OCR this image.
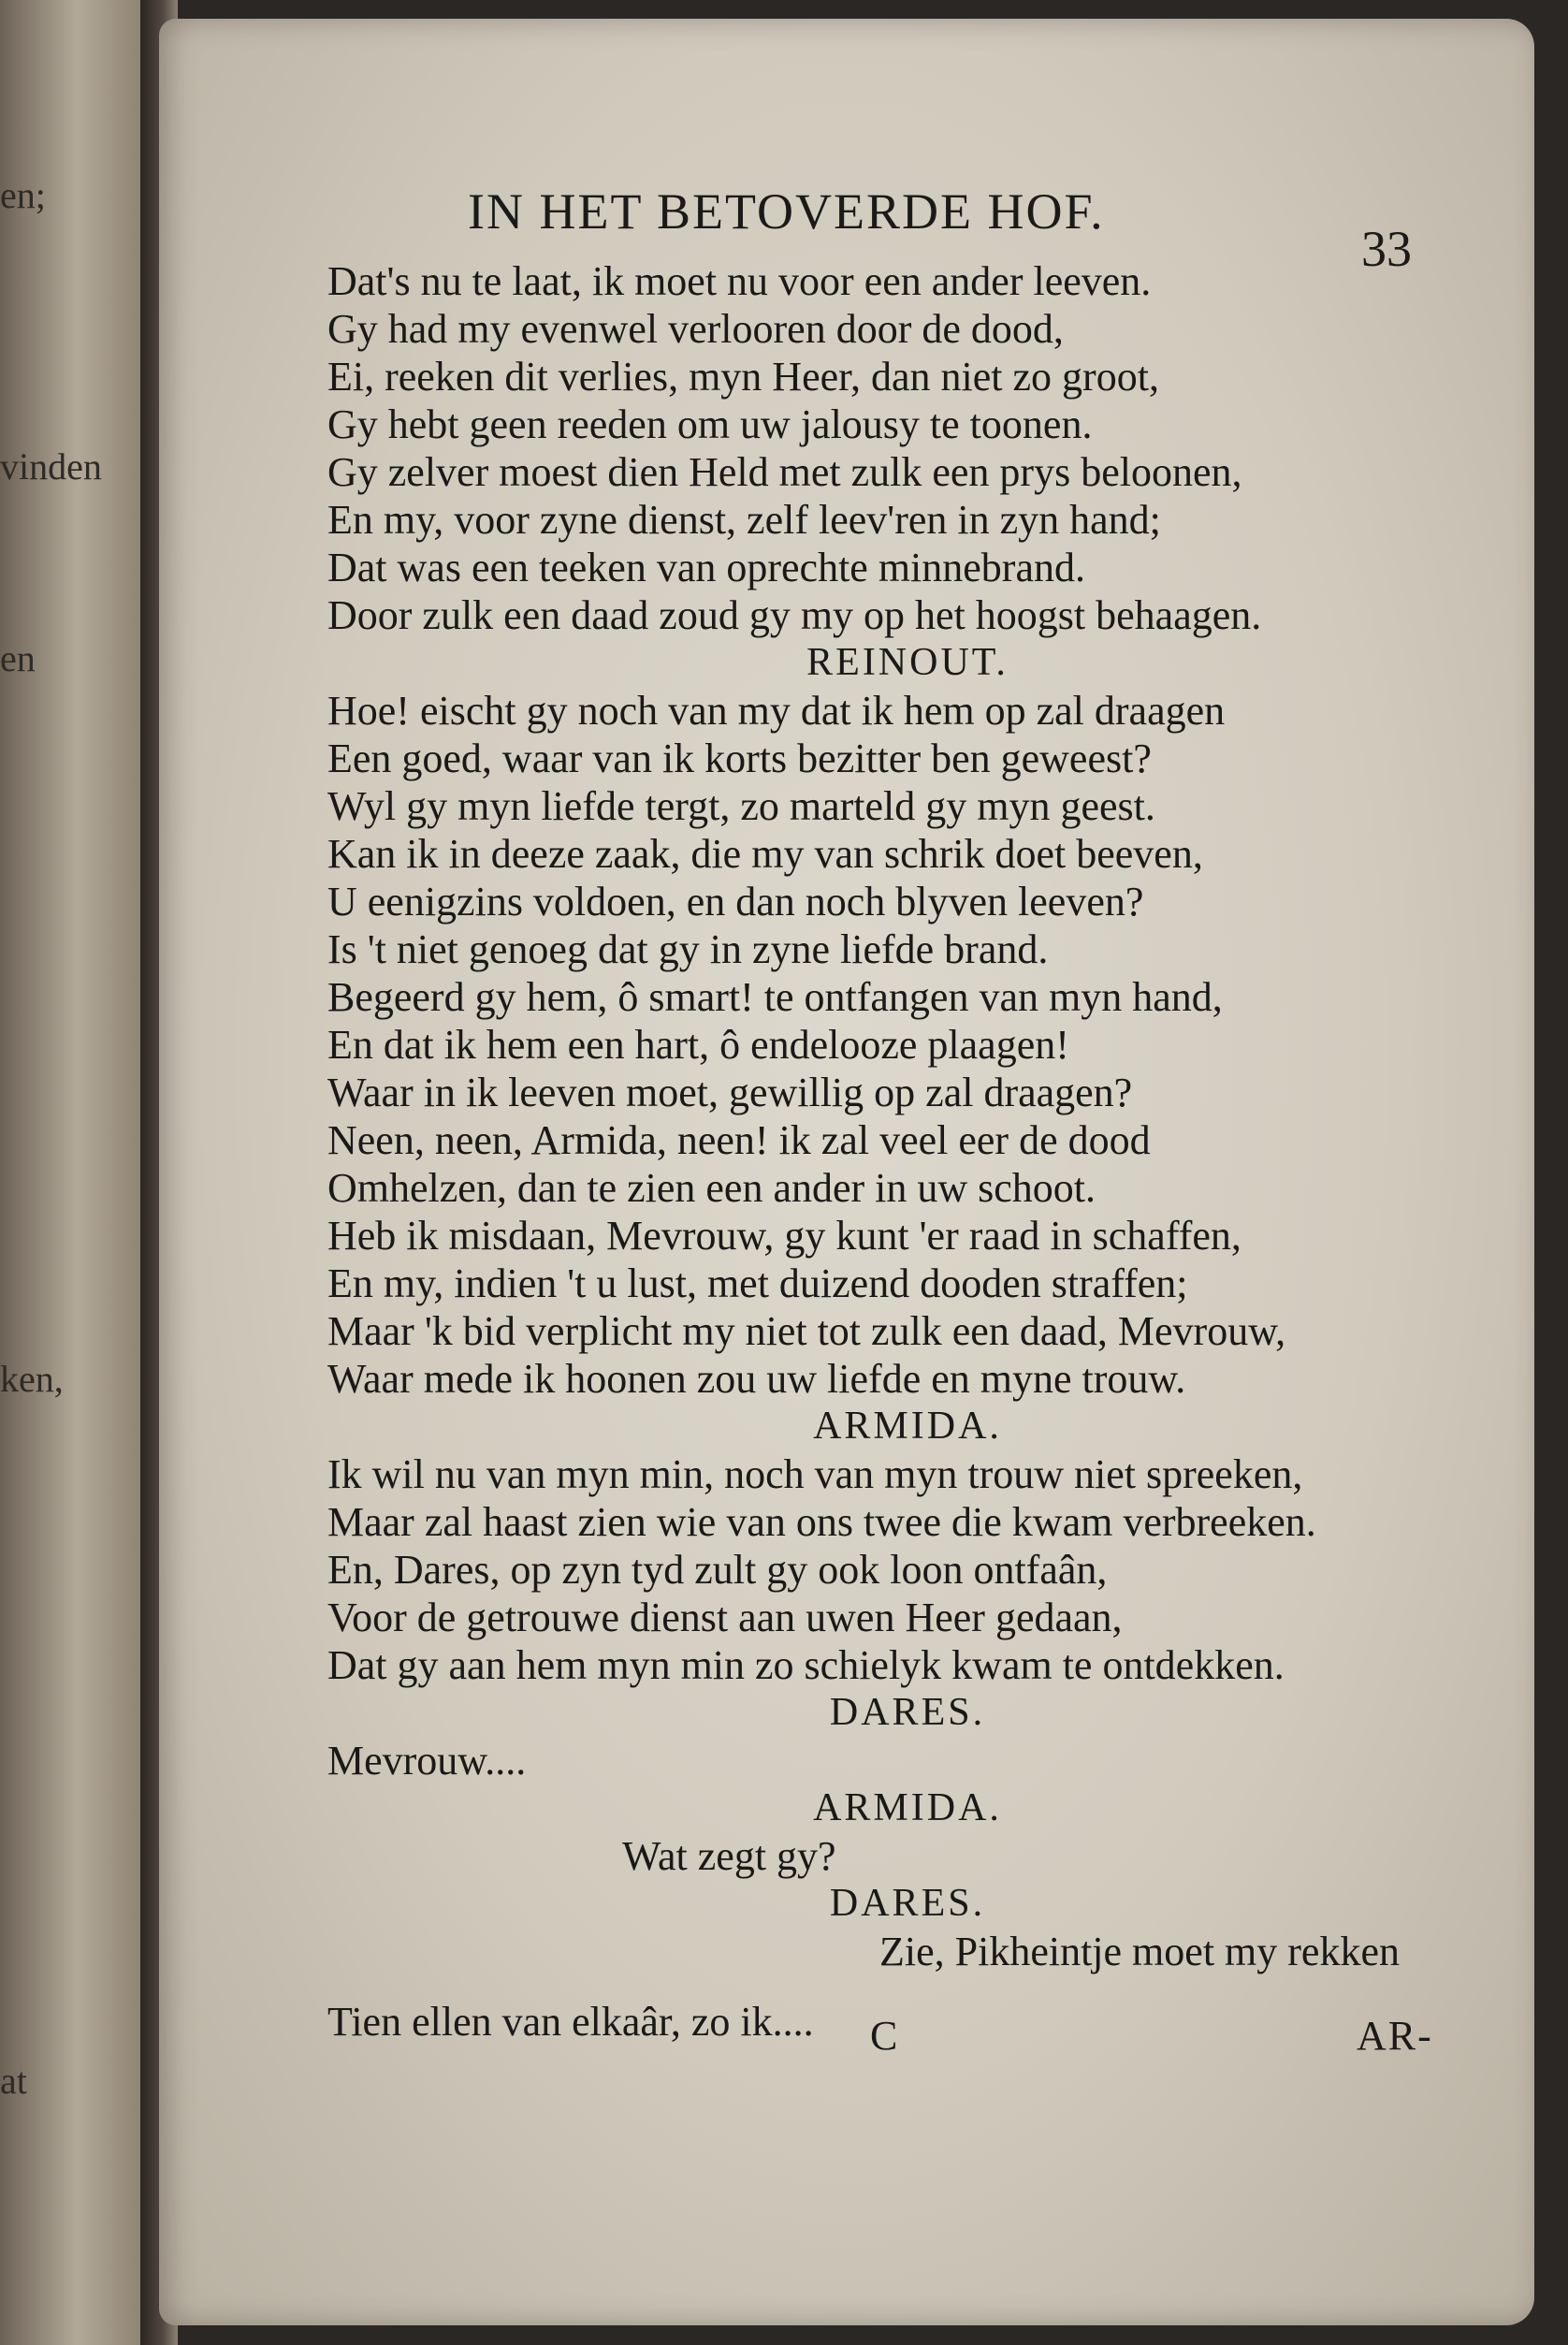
en;
vinden
en
ken,
at
IN HET BETOVERDE HOF.
33
Dat's nu te laat, ik moet nu voor een ander leeven.
Gy had my evenwel verlooren door de dood,
Ei, reeken dit verlies, myn Heer, dan niet zo groot,
Gy hebt geen reeden om uw jalousy te toonen.
Gy zelver moest dien Held met zulk een prys beloonen,
En my, voor zyne dienst, zelf leev'ren in zyn hand;
Dat was een teeken van oprechte minnebrand.
Door zulk een daad zoud gy my op het hoogst behaagen.
REINOUT.
Hoe! eischt gy noch van my dat ik hem op zal draagen
Een goed, waar van ik korts bezitter ben geweest?
Wyl gy myn liefde tergt, zo marteld gy myn geest.
Kan ik in deeze zaak, die my van schrik doet beeven,
U eenigzins voldoen, en dan noch blyven leeven?
Is 't niet genoeg dat gy in zyne liefde brand.
Begeerd gy hem, ô smart! te ontfangen van myn hand,
En dat ik hem een hart, ô endelooze plaagen!
Waar in ik leeven moet, gewillig op zal draagen?
Neen, neen, Armida, neen! ik zal veel eer de dood
Omhelzen, dan te zien een ander in uw schoot.
Heb ik misdaan, Mevrouw, gy kunt 'er raad in schaffen,
En my, indien 't u lust, met duizend dooden straffen;
Maar 'k bid verplicht my niet tot zulk een daad, Mevrouw,
Waar mede ik hoonen zou uw liefde en myne trouw.
ARMIDA.
Ik wil nu van myn min, noch van myn trouw niet spreeken,
Maar zal haast zien wie van ons twee die kwam verbreeken.
En, Dares, op zyn tyd zult gy ook loon ontfaân,
Voor de getrouwe dienst aan uwen Heer gedaan,
Dat gy aan hem myn min zo schielyk kwam te ontdekken.
DARES.
Mevrouw....
ARMIDA.
Wat zegt gy?
DARES.
Zie, Pikheintje moet my rekken
Tien ellen van elkaâr, zo ik....	C	AR-
